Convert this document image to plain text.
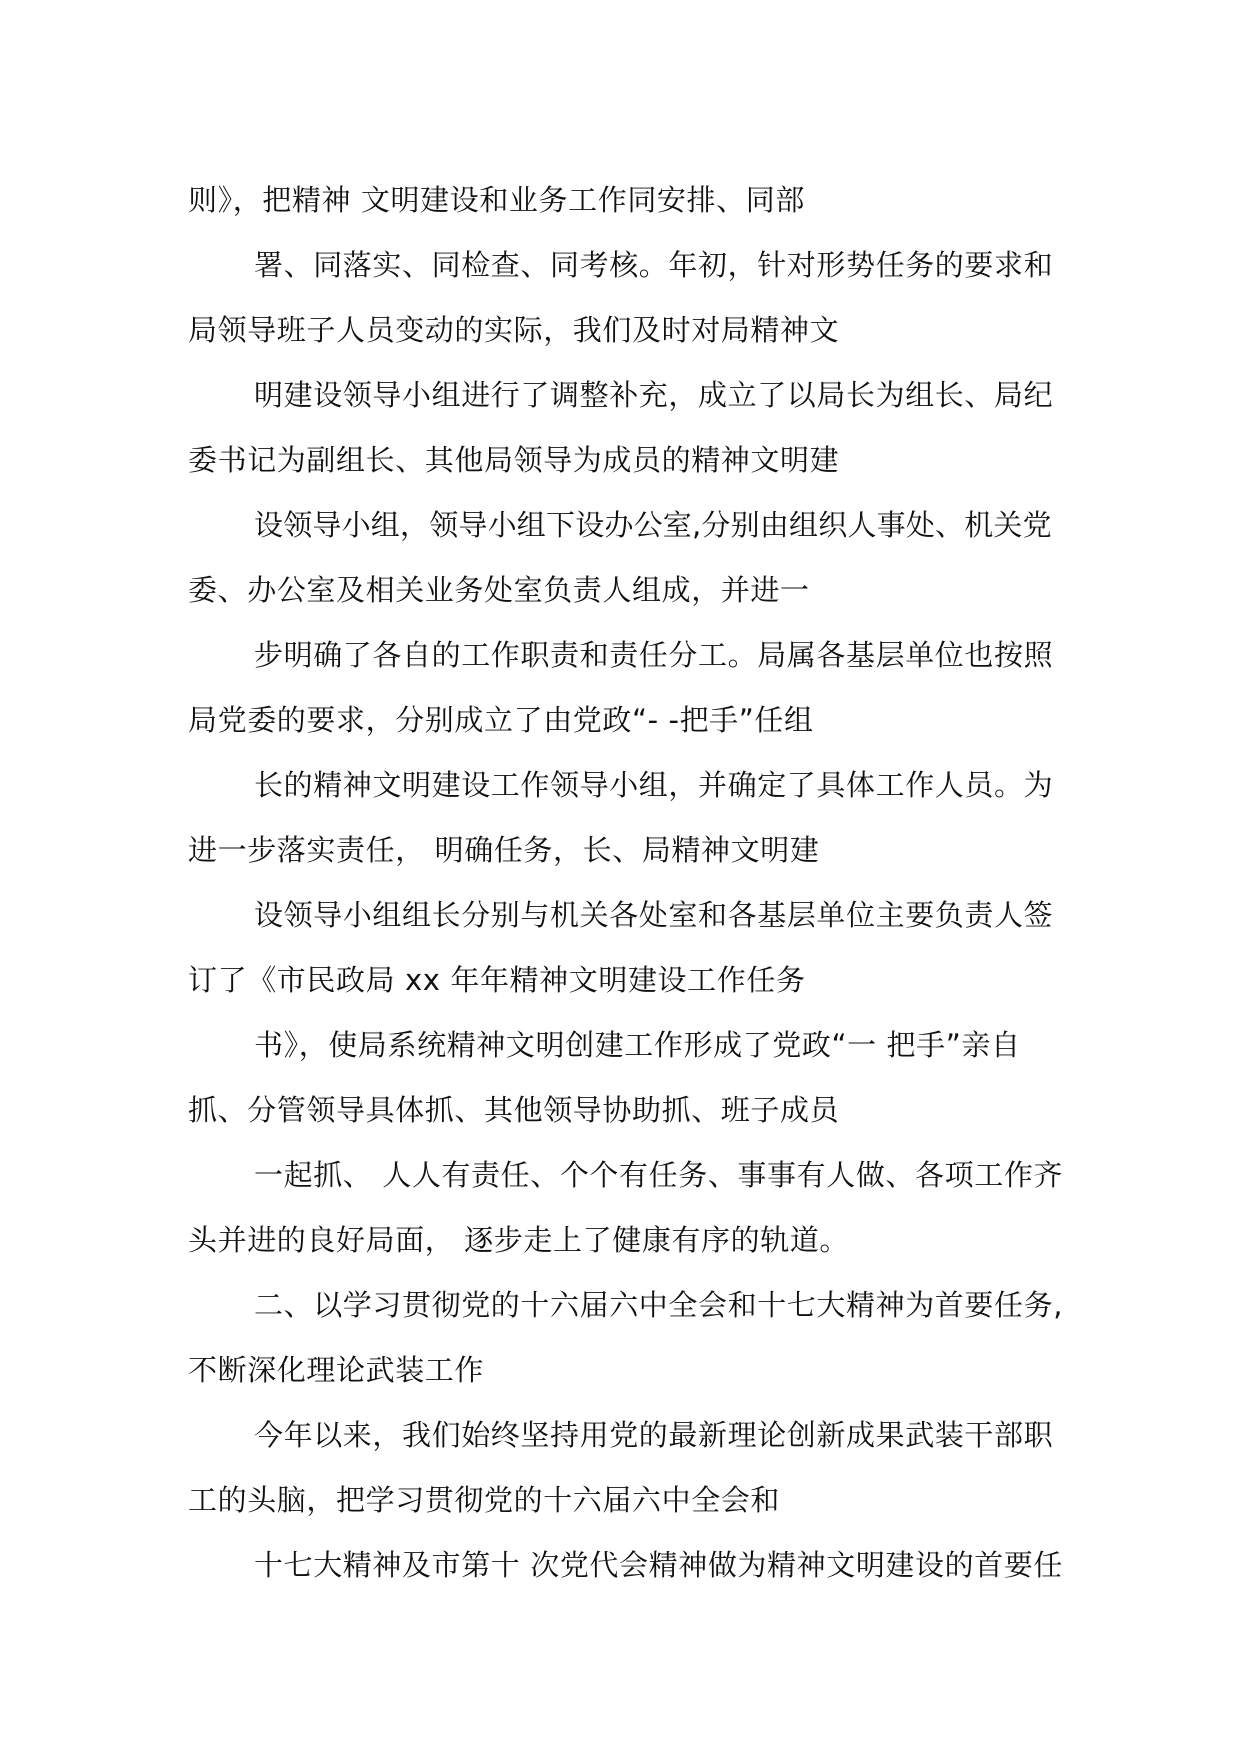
则》，把精神 文明建设和业务工作同安排、同部
署、同落实、同检查、同考核。年初，针对形势任务的要求和
局领导班子人员变动的实际，我们及时对局精神文
明建设领导小组进行了调整补充，成立了以局长为组长、局纪
委书记为副组长、其他局领导为成员的精神文明建
设领导小组，领导小组下设办公室,分别由组织人事处、机关党
委、办公室及相关业务处室负责人组成，并进一
步明确了各自的工作职责和责任分工。局属各基层单位也按照
局党委的要求，分别成立了由党政“- -把手”任组
长的精神文明建设工作领导小组，并确定了具体工作人员。为
进一步落实责任， 明确任务，长、局精神文明建
设领导小组组长分别与机关各处室和各基层单位主要负责人签
订了《市民政局 xx 年年精神文明建设工作任务
书》，使局系统精神文明创建工作形成了党政“一 把手”亲自
抓、分管领导具体抓、其他领导协助抓、班子成员
一起抓、 人人有责任、个个有任务、事事有人做、各项工作齐
头并进的良好局面， 逐步走上了健康有序的轨道。
二、以学习贯彻党的十六届六中全会和十七大精神为首要任务,
不断深化理论武装工作
今年以来，我们始终坚持用党的最新理论创新成果武装干部职
工的头脑，把学习贯彻党的十六届六中全会和
十七大精神及市第十 次党代会精神做为精神文明建设的首要任
